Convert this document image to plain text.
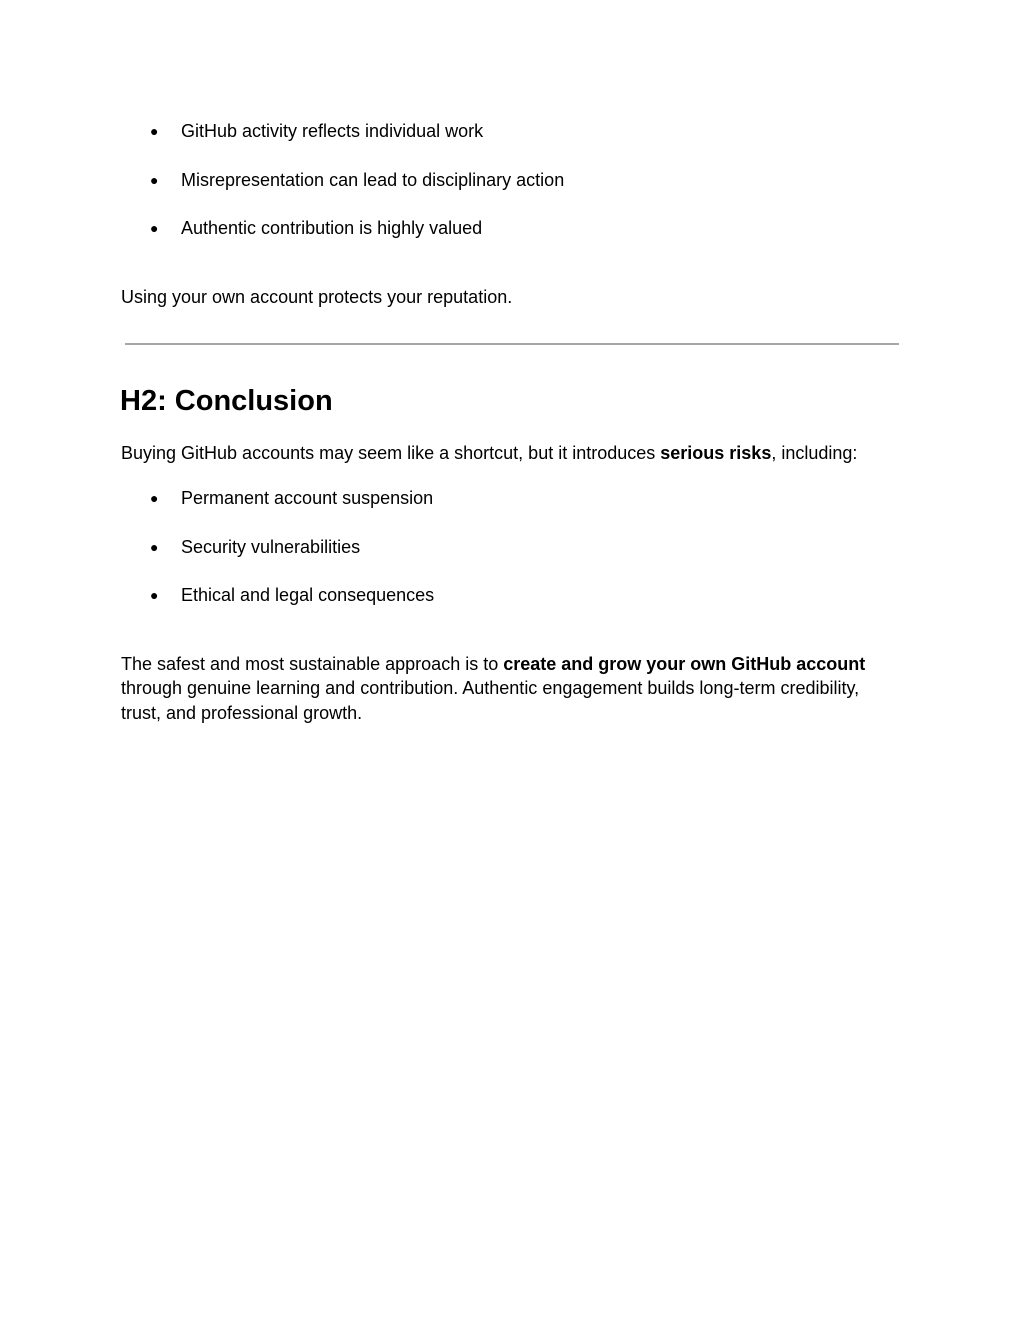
● GitHub activity reflects individual work
● Misrepresentation can lead to disciplinary action
● Authentic contribution is highly valued

Using your own account protects your reputation.

H2: Conclusion

Buying GitHub accounts may seem like a shortcut, but it introduces serious risks, including:

● Permanent account suspension
● Security vulnerabilities
● Ethical and legal consequences

The safest and most sustainable approach is to create and grow your own GitHub account through genuine learning and contribution. Authentic engagement builds long-term credibility, trust, and professional growth.
